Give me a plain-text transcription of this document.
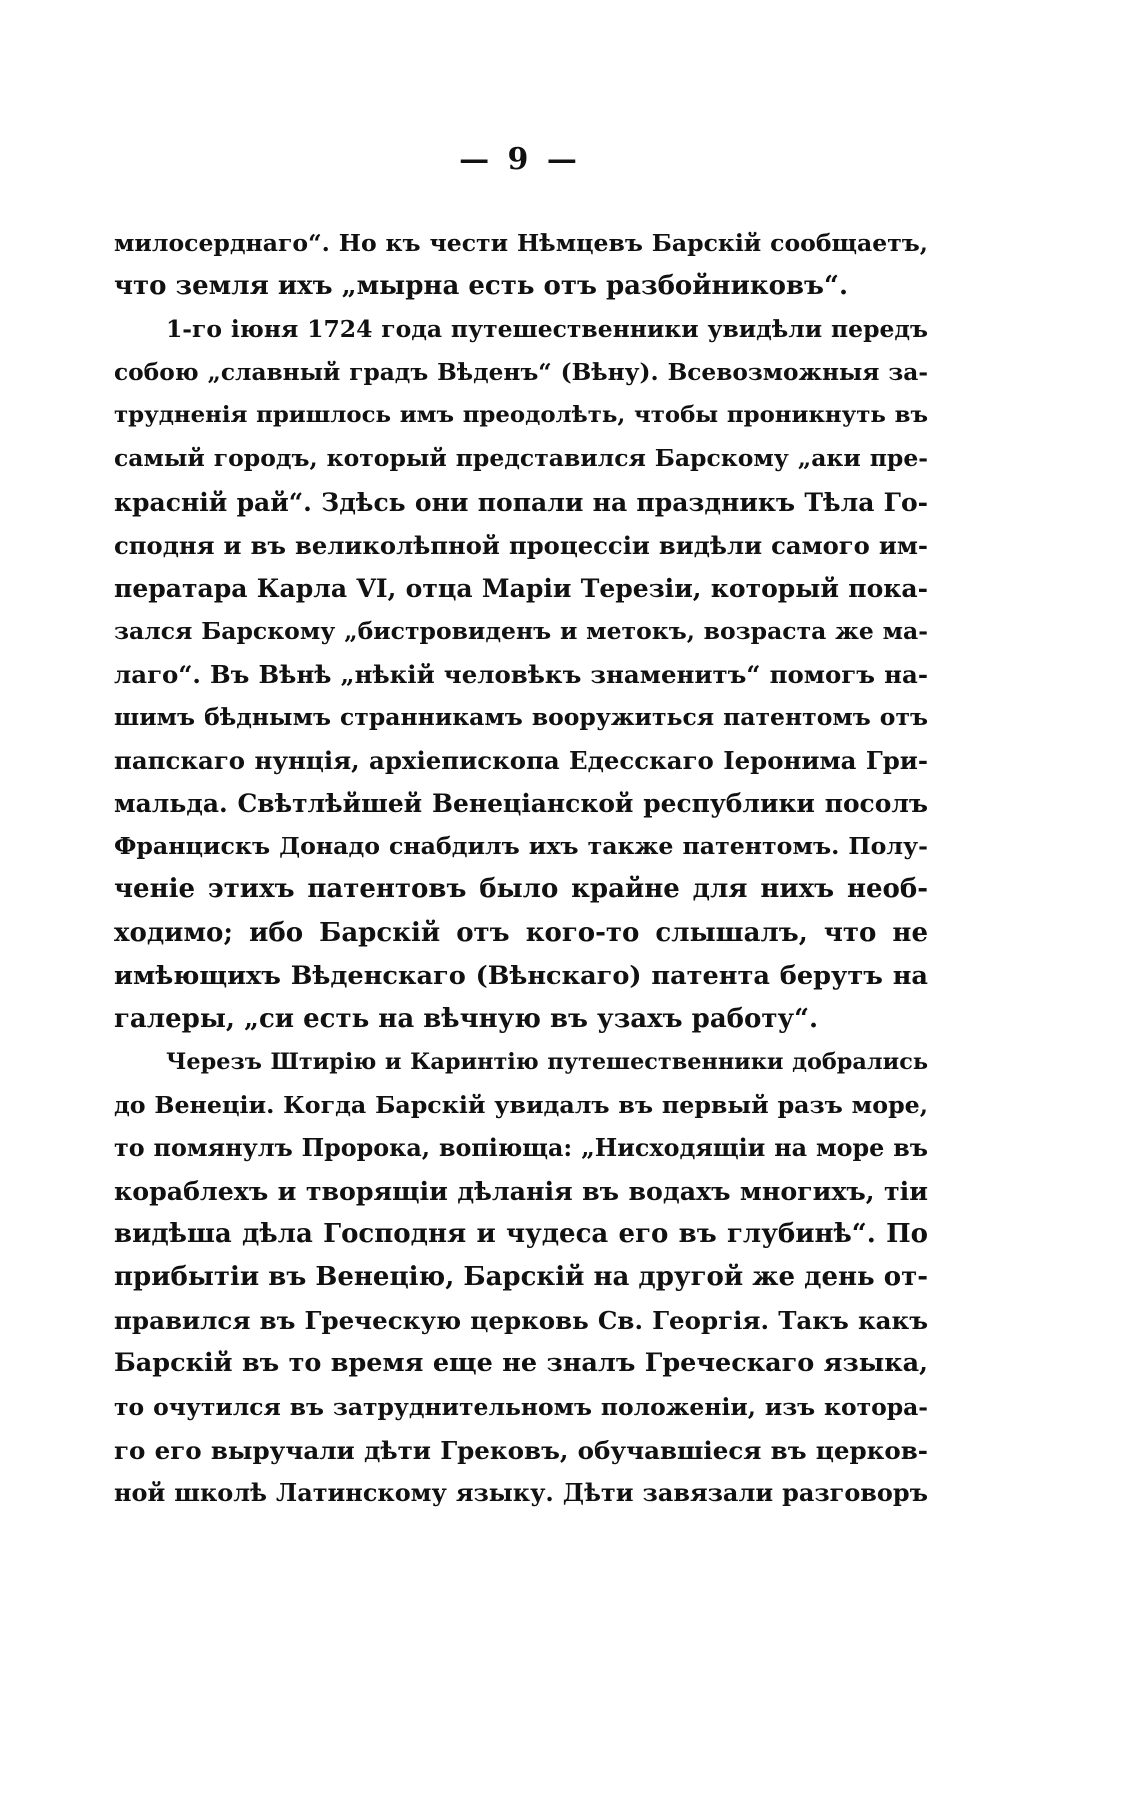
— 9 —
милосерднаго“. Но къ чести Нѣмцевъ Барскій сообщаетъ,
что земля ихъ „мырна есть отъ разбойниковъ“.
1-го іюня 1724 года путешественники увидѣли передъ
собою „славный градъ Вѣденъ“ (Вѣну). Всевозможныя за-
трудненія пришлось имъ преодолѣть, чтобы проникнуть въ
самый городъ, который представился Барскому „аки пре-
красній рай“. Здѣсь они попали на праздникъ Тѣла Го-
сподня и въ великолѣпной процессіи видѣли самого им-
ператара Карла VI, отца Маріи Терезіи, который пока-
зался Барскому „бистровиденъ и метокъ, возраста же ма-
лаго“. Въ Вѣнѣ „нѣкій человѣкъ знаменитъ“ помогъ на-
шимъ бѣднымъ странникамъ вооружиться патентомъ отъ
папскаго нунція, архіепископа Едесскаго Іеронима Гри-
мальда. Свѣтлѣйшей Венеціанской республики посолъ
Францискъ Донадо снабдилъ ихъ также патентомъ. Полу-
ченіе этихъ патентовъ было крайне для нихъ необ-
ходимо; ибо Барскій отъ кого-то слышалъ, что не
имѣющихъ Вѣденскаго (Вѣнскаго) патента берутъ на
галеры, „си есть на вѣчную въ узахъ работу“.
Черезъ Штирію и Каринтію путешественники добрались
до Венеціи. Когда Барскій увидалъ въ первый разъ море,
то помянулъ Пророка, вопіюща: „Нисходящіи на море въ
кораблехъ и творящіи дѣланія въ водахъ многихъ, тіи
видѣша дѣла Господня и чудеса его въ глубинѣ“. По
прибытіи въ Венецію, Барскій на другой же день от-
правился въ Греческую церковь Св. Георгія. Такъ какъ
Барскій въ то время еще не зналъ Греческаго языка,
то очутился въ затруднительномъ положеніи, изъ котора-
го его выручали дѣти Грековъ, обучавшіеся въ церков-
ной школѣ Латинскому языку. Дѣти завязали разговоръ
